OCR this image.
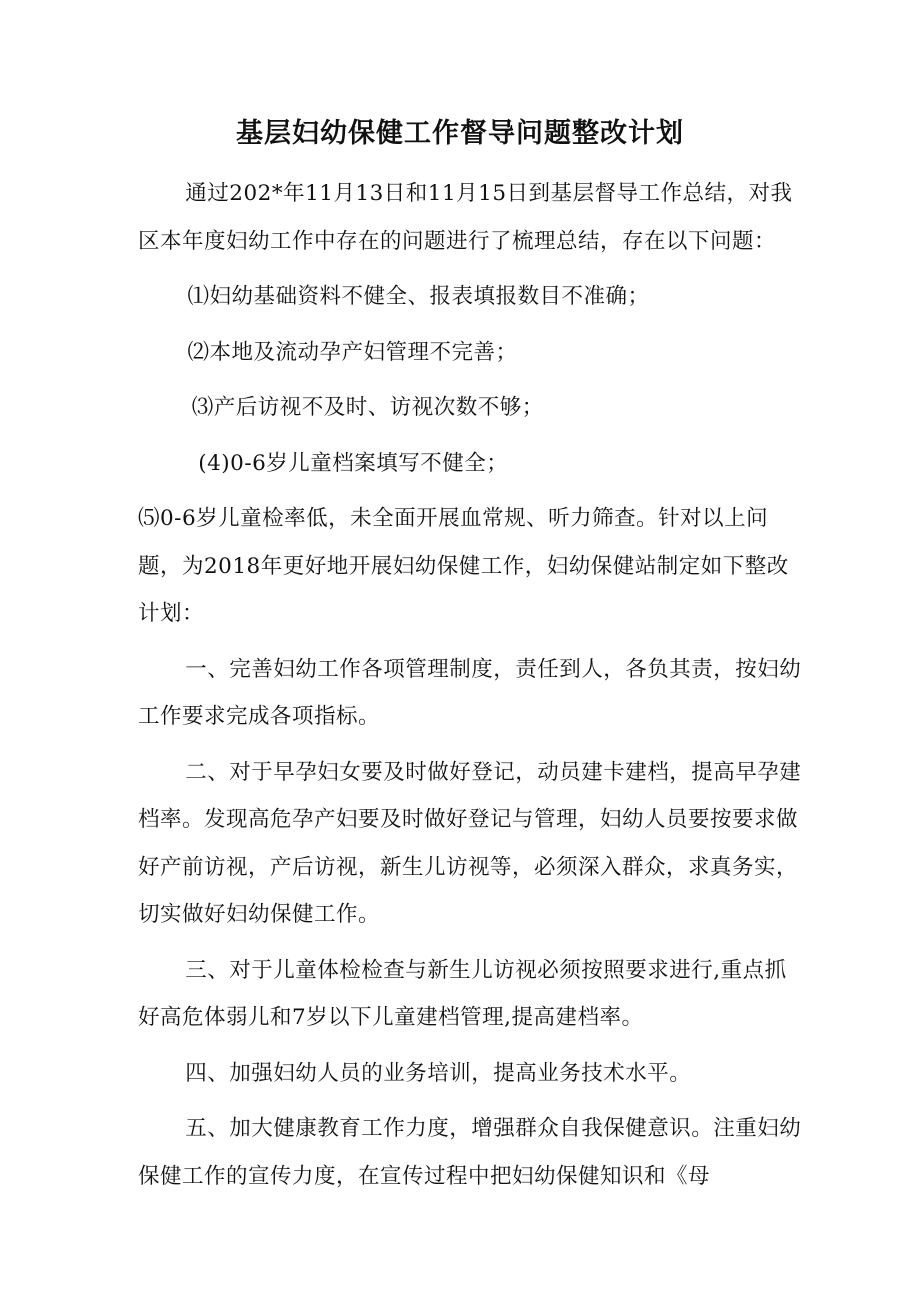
基层妇幼保健工作督导问题整改计划

通过202*年11月13日和11月15日到基层督导工作总结，对我区本年度妇幼工作中存在的问题进行了梳理总结，存在以下问题：

⑴妇幼基础资料不健全、报表填报数目不准确；

⑵本地及流动孕产妇管理不完善；

⑶产后访视不及时、访视次数不够；

(4)0-6岁儿童档案填写不健全；

⑸0-6岁儿童检率低，未全面开展血常规、听力筛查。针对以上问题，为2018年更好地开展妇幼保健工作，妇幼保健站制定如下整改计划：

一、完善妇幼工作各项管理制度，责任到人，各负其责，按妇幼工作要求完成各项指标。

二、对于早孕妇女要及时做好登记，动员建卡建档，提高早孕建档率。发现高危孕产妇要及时做好登记与管理，妇幼人员要按要求做好产前访视，产后访视，新生儿访视等，必须深入群众，求真务实，切实做好妇幼保健工作。

三、对于儿童体检检查与新生儿访视必须按照要求进行,重点抓好高危体弱儿和7岁以下儿童建档管理,提高建档率。

四、加强妇幼人员的业务培训，提高业务技术水平。

五、加大健康教育工作力度，增强群众自我保健意识。注重妇幼保健工作的宣传力度，在宣传过程中把妇幼保健知识和《母
